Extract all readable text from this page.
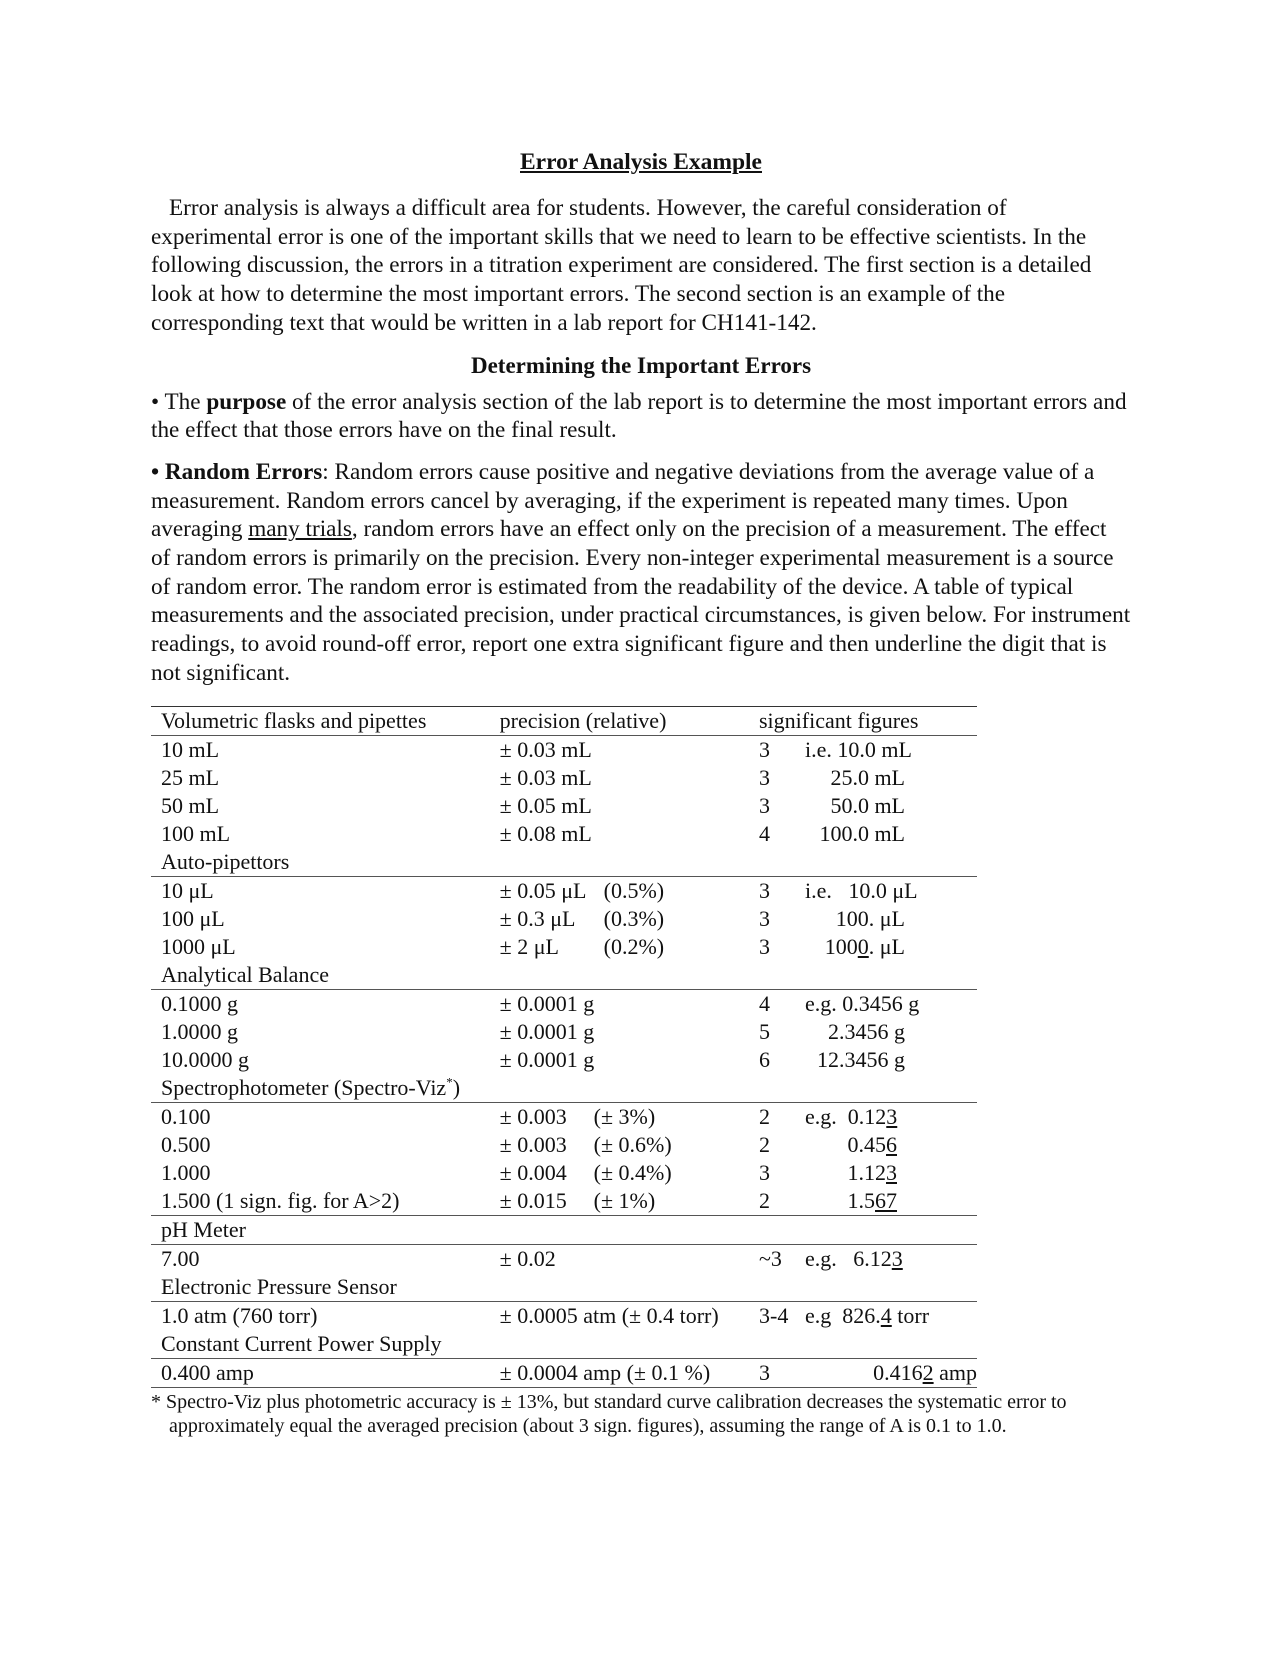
Error Analysis Example

Error analysis is always a difficult area for students. However, the careful consideration of experimental error is one of the important skills that we need to learn to be effective scientists. In the following discussion, the errors in a titration experiment are considered. The first section is a detailed look at how to determine the most important errors. The second section is an example of the corresponding text that would be written in a lab report for CH141-142.

Determining the Important Errors

• The purpose of the error analysis section of the lab report is to determine the most important errors and the effect that those errors have on the final result.

• Random Errors: Random errors cause positive and negative deviations from the average value of a measurement. Random errors cancel by averaging, if the experiment is repeated many times. Upon averaging many trials, random errors have an effect only on the precision of a measurement. The effect of random errors is primarily on the precision. Every non-integer experimental measurement is a source of random error. The random error is estimated from the readability of the device. A table of typical measurements and the associated precision, under practical circumstances, is given below. For instrument readings, to avoid round-off error, report one extra significant figure and then underline the digit that is not significant.

Volumetric flasks and pipettes	precision (relative)	significant figures
10 mL	± 0.03 mL	3 i.e. 10.0 mL
25 mL	± 0.03 mL	3 25.0 mL
50 mL	± 0.05 mL	3 50.0 mL
100 mL	± 0.08 mL	4 100.0 mL
Auto-pipettors		
10 μL	± 0.05 μL (0.5%)	3 i.e.   10.0 μL
100 μL	± 0.3 μL (0.3%)	3 100. μL
1000 μL	± 2 μL (0.2%)	3 1000. μL
Analytical Balance		
0.1000 g	± 0.0001 g	4 e.g. 0.3456 g
1.0000 g	± 0.0001 g	5 2.3456 g
10.0000 g	± 0.0001 g	6 12.3456 g
Spectrophotometer (Spectro-Viz*)		
0.100	± 0.003 (± 3%)	2 e.g.  0.123
0.500	± 0.003 (± 0.6%)	2 0.456
1.000	± 0.004 (± 0.4%)	3 1.123
1.500 (1 sign. fig. for A>2)	± 0.015 (± 1%)	2 1.567
pH Meter		
7.00	± 0.02	~3 e.g.   6.123
Electronic Pressure Sensor		
1.0 atm (760 torr)	± 0.0005 atm (± 0.4 torr)	3-4 e.g  826.4 torr
Constant Current Power Supply		
0.400 amp	± 0.0004 amp (± 0.1 %)	3 0.4162 amp
* Spectro-Viz plus photometric accuracy is ± 13%, but standard curve calibration decreases the systematic error to
approximately equal the averaged precision (about 3 sign. figures), assuming the range of A is 0.1 to 1.0.
